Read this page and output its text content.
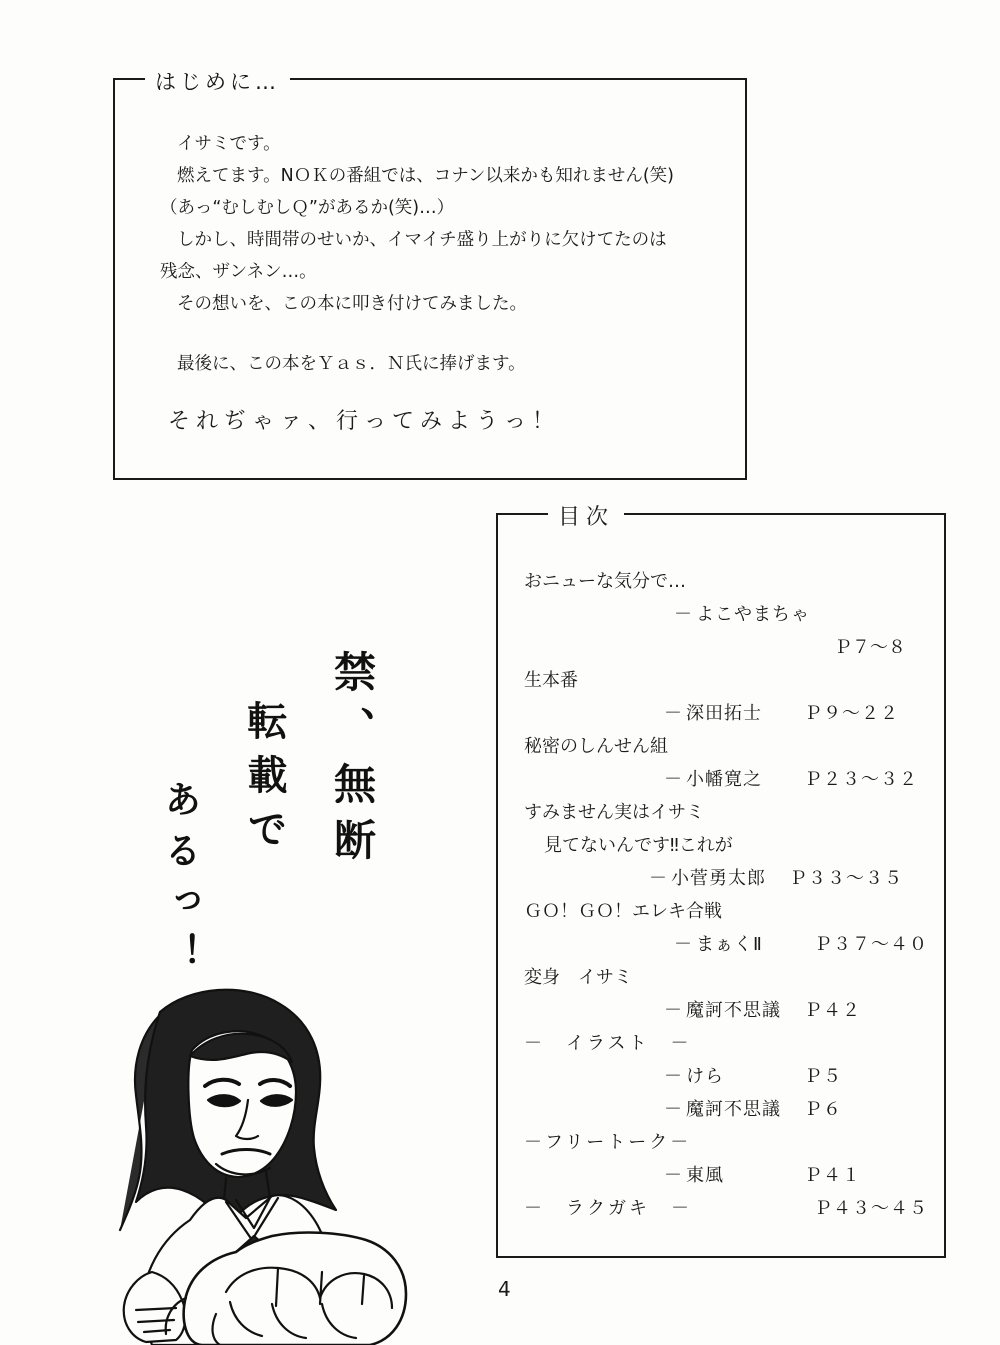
はじめに…

イサミです。

燃えてます。NＯＫの番組では、コナン以来かも知れません(笑)

（あっ“むしむしＱ”があるか(笑)…）

しかし、時間帯のせいか、イマイチ盛り上がりに欠けてたのは

残念、ザンネン…。

その想いを、この本に叩き付けてみました。

最後に、この本をＹａｓ．Ｎ氏に捧げます。

それぢゃァ、行ってみようっ！
目次
おニューな気分で…
－ よこやまちゃ
Ｐ７〜８
生本番
－ 深田拓士	Ｐ９〜２２
秘密のしんせん組
－ 小幡寛之	Ｐ２３〜３２
すみません実はイサミ
見てないんです‼これが
－ 小菅勇太郎	Ｐ３３〜３５
ＧＯ！ＧＯ！エレキ合戦
－ まぁくⅡ	Ｐ３７〜４０
変身　イサミ
－ 魔訶不思議	Ｐ４２
－　イラスト　－
－ けら	Ｐ５
－ 魔訶不思議	Ｐ６
－フリートーク－
－ 東風	Ｐ４１
－　ラクガキ　－	Ｐ４３〜４５
禁、無断
転載で
あるっ！
4
